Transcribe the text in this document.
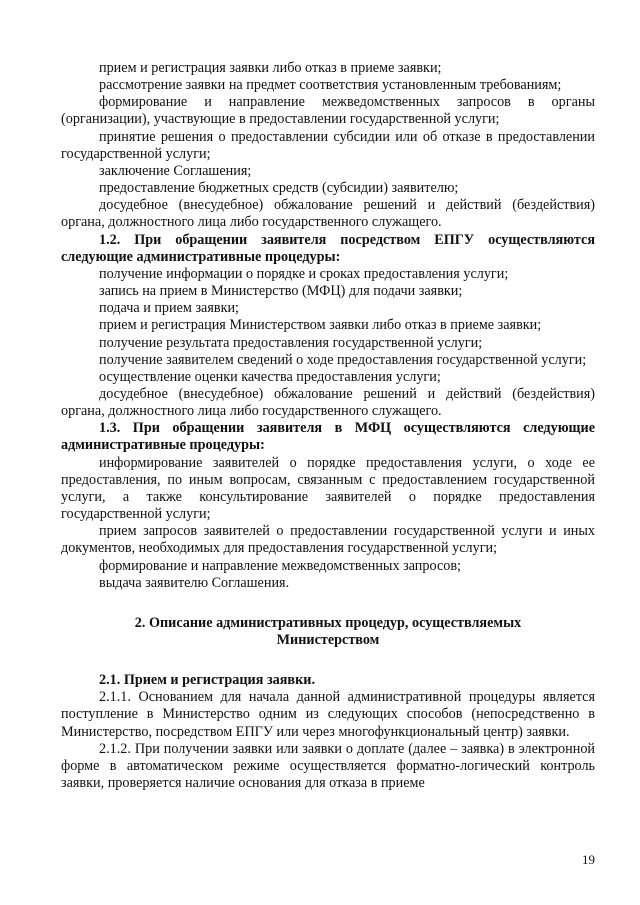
прием и регистрация заявки либо отказ в приеме заявки;

рассмотрение заявки на предмет соответствия установленным требованиям;

формирование и направление межведомственных запросов в органы (организации), участвующие в предоставлении государственной услуги;

принятие решения о предоставлении субсидии или об отказе в предоставлении государственной услуги;

заключение Соглашения;

предоставление бюджетных средств (субсидии) заявителю;

досудебное (внесудебное) обжалование решений и действий (бездействия) органа, должностного лица либо государственного служащего.

1.2. При обращении заявителя посредством ЕПГУ осуществляются следующие административные процедуры:

получение информации о порядке и сроках предоставления услуги;

запись на прием в Министерство (МФЦ) для подачи заявки;

подача и прием заявки;

прием и регистрация Министерством заявки либо отказ в приеме заявки;

получение результата предоставления государственной услуги;

получение заявителем сведений о ходе предоставления государственной услуги;

осуществление оценки качества предоставления услуги;

досудебное (внесудебное) обжалование решений и действий (бездействия) органа, должностного лица либо государственного служащего.

1.3. При обращении заявителя в МФЦ осуществляются следующие административные процедуры:

информирование заявителей о порядке предоставления услуги, о ходе ее предоставления, по иным вопросам, связанным с предоставлением государственной услуги, а также консультирование заявителей о порядке предоставления государственной услуги;

прием запросов заявителей о предоставлении государственной услуги и иных документов, необходимых для предоставления государственной услуги;

формирование и направление межведомственных запросов;

выдача заявителю Соглашения.

2. Описание административных процедур, осуществляемых
Министерством

2.1. Прием и регистрация заявки.

2.1.1. Основанием для начала данной административной процедуры является поступление в Министерство одним из следующих способов (непосредственно в Министерство, посредством ЕПГУ или через многофункциональный центр) заявки.

2.1.2. При получении заявки или заявки о доплате (далее – заявка) в электронной форме в автоматическом режиме осуществляется форматно-логический контроль заявки, проверяется наличие основания для отказа в приеме

19
